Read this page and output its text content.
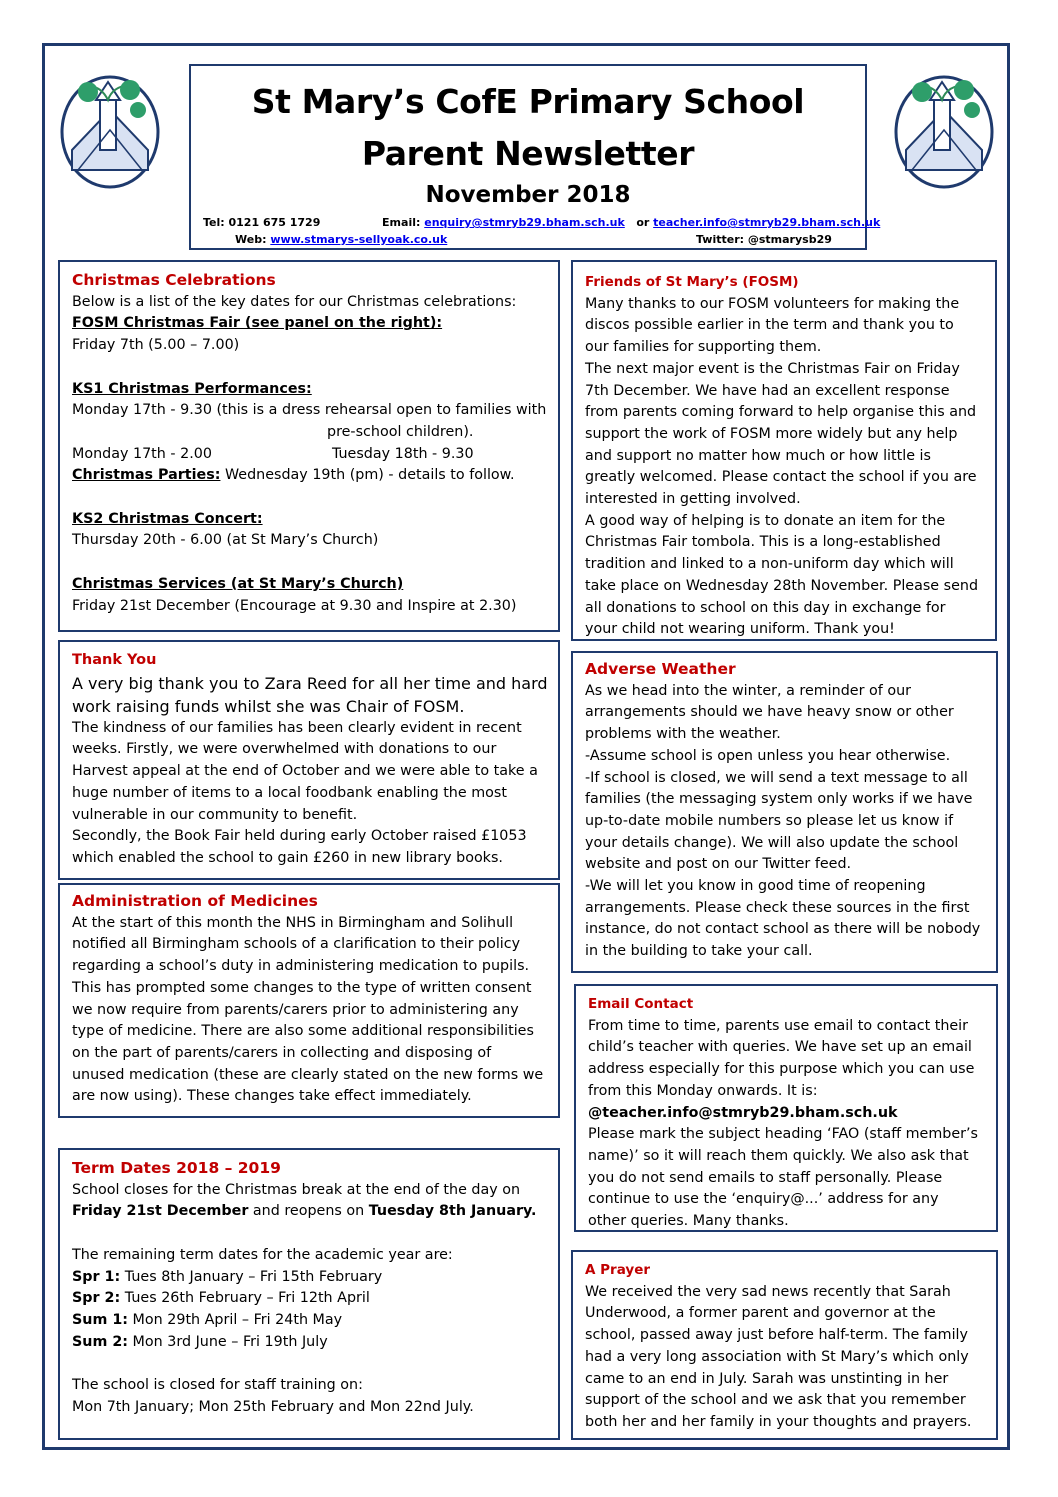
St Mary’s CofE Primary School
Parent Newsletter
November 2018
Tel: 0121 675 1729	Email: enquiry@stmryb29.bham.sch.uk or teacher.info@stmryb29.bham.sch.uk
Web: www.stmarys-sellyoak.co.uk	Twitter: @stmarysb29
Christmas Celebrations
Below is a list of the key dates for our Christmas celebrations:
FOSM Christmas Fair (see panel on the right):
Friday 7th (5.00 – 7.00)
KS1 Christmas Performances:
Monday 17th - 9.30 (this is a dress rehearsal open to families with
pre-school children).
Monday 17th - 2.00	Tuesday 18th - 9.30
Christmas Parties: Wednesday 19th (pm) - details to follow.
KS2 Christmas Concert:
Thursday 20th - 6.00 (at St Mary’s Church)
Christmas Services (at St Mary’s Church)
Friday 21st December (Encourage at 9.30 and Inspire at 2.30)
Friends of St Mary’s (FOSM)
Many thanks to our FOSM volunteers for making the
discos possible earlier in the term and thank you to
our families for supporting them.
The next major event is the Christmas Fair on Friday
7th December. We have had an excellent response
from parents coming forward to help organise this and
support the work of FOSM more widely but any help
and support no matter how much or how little is
greatly welcomed. Please contact the school if you are
interested in getting involved.
A good way of helping is to donate an item for the
Christmas Fair tombola. This is a long-established
tradition and linked to a non-uniform day which will
take place on Wednesday 28th November. Please send
all donations to school on this day in exchange for
your child not wearing uniform. Thank you!
Thank You
A very big thank you to Zara Reed for all her time and hard
work raising funds whilst she was Chair of FOSM.
The kindness of our families has been clearly evident in recent
weeks. Firstly, we were overwhelmed with donations to our
Harvest appeal at the end of October and we were able to take a
huge number of items to a local foodbank enabling the most
vulnerable in our community to benefit.
Secondly, the Book Fair held during early October raised £1053
which enabled the school to gain £260 in new library books.
Adverse Weather
As we head into the winter, a reminder of our
arrangements should we have heavy snow or other
problems with the weather.
-Assume school is open unless you hear otherwise.
-If school is closed, we will send a text message to all
families (the messaging system only works if we have
up-to-date mobile numbers so please let us know if
your details change). We will also update the school
website and post on our Twitter feed.
-We will let you know in good time of reopening
arrangements. Please check these sources in the first
instance, do not contact school as there will be nobody
in the building to take your call.
Administration of Medicines
At the start of this month the NHS in Birmingham and Solihull
notified all Birmingham schools of a clarification to their policy
regarding a school’s duty in administering medication to pupils.
This has prompted some changes to the type of written consent
we now require from parents/carers prior to administering any
type of medicine. There are also some additional responsibilities
on the part of parents/carers in collecting and disposing of
unused medication (these are clearly stated on the new forms we
are now using). These changes take effect immediately.
Email Contact
From time to time, parents use email to contact their
child’s teacher with queries. We have set up an email
address especially for this purpose which you can use
from this Monday onwards. It is:
@teacher.info@stmryb29.bham.sch.uk
Please mark the subject heading ‘FAO (staff member’s
name)’ so it will reach them quickly. We also ask that
you do not send emails to staff personally. Please
continue to use the ‘enquiry@...’ address for any
other queries. Many thanks.
Term Dates 2018 – 2019
School closes for the Christmas break at the end of the day on
Friday 21st December and reopens on Tuesday 8th January.
The remaining term dates for the academic year are:
Spr 1: Tues 8th January – Fri 15th February
Spr 2: Tues 26th February – Fri 12th April
Sum 1: Mon 29th April – Fri 24th May
Sum 2: Mon 3rd June – Fri 19th July
The school is closed for staff training on:
Mon 7th January; Mon 25th February and Mon 22nd July.
A Prayer
We received the very sad news recently that Sarah
Underwood, a former parent and governor at the
school, passed away just before half-term. The family
had a very long association with St Mary’s which only
came to an end in July. Sarah was unstinting in her
support of the school and we ask that you remember
both her and her family in your thoughts and prayers.
